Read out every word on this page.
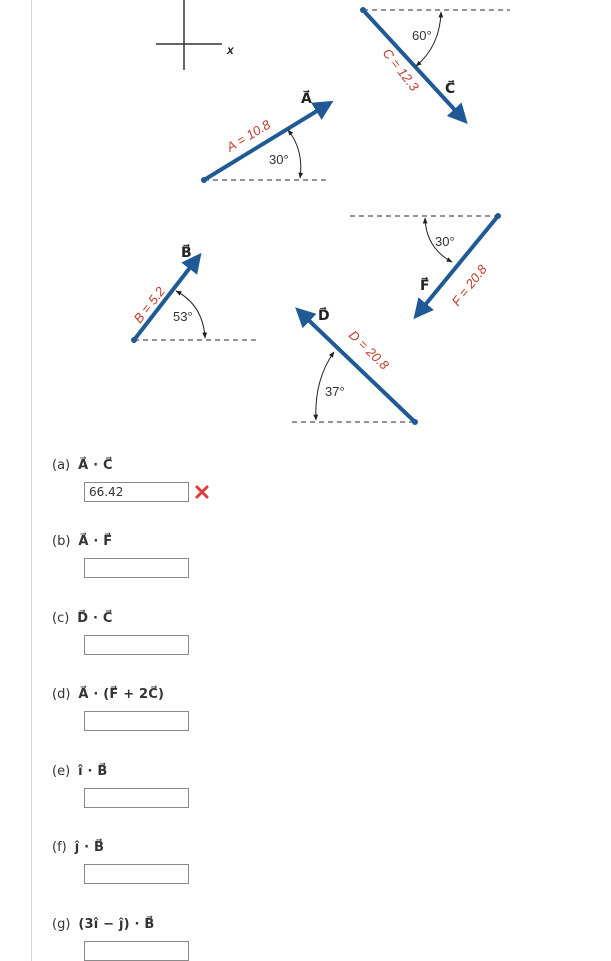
x
A⃗
A = 10.8
30°
B⃗
B = 5.2 53°
C⃗
C = 12.3
60°
D⃗
D = 20.8
37°
F⃗ F = 20.8
30°
(a) A⃗ · C⃗
66.42
(b) A⃗ · F⃗
(c) D⃗ · C⃗
(d) A⃗ · (F⃗ + 2C⃗)
(e) î · B⃗
(f) ĵ · B⃗
(g) (3î − ĵ) · B⃗
